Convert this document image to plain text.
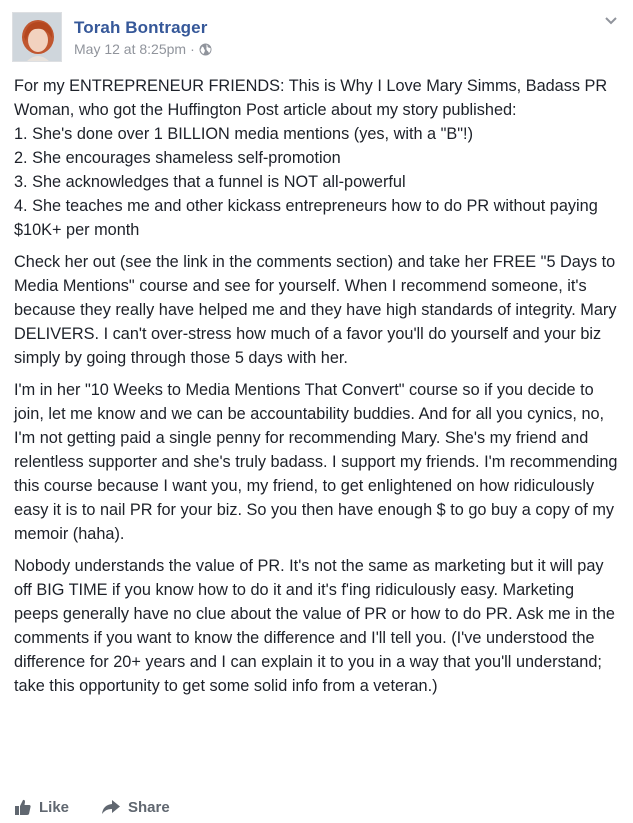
Torah Bontrager
May 12 at 8:25pm ·

For my ENTREPRENEUR FRIENDS: This is Why I Love Mary Simms, Badass PR Woman, who got the Huffington Post article about my story published:

1. She's done over 1 BILLION media mentions (yes, with a "B"!)

2. She encourages shameless self-promotion

3. She acknowledges that a funnel is NOT all-powerful

4. She teaches me and other kickass entrepreneurs how to do PR without paying $10K+ per month

Check her out (see the link in the comments section) and take her FREE "5 Days to Media Mentions" course and see for yourself. When I recommend someone, it's because they really have helped me and they have high standards of integrity. Mary DELIVERS. I can't over-stress how much of a favor you'll do yourself and your biz simply by going through those 5 days with her.

I'm in her "10 Weeks to Media Mentions That Convert" course so if you decide to join, let me know and we can be accountability buddies. And for all you cynics, no, I'm not getting paid a single penny for recommending Mary. She's my friend and relentless supporter and she's truly badass. I support my friends. I'm recommending this course because I want you, my friend, to get enlightened on how ridiculously easy it is to nail PR for your biz. So you then have enough $ to go buy a copy of my memoir (haha).

Nobody understands the value of PR. It's not the same as marketing but it will pay off BIG TIME if you know how to do it and it's f'ing ridiculously easy. Marketing peeps generally have no clue about the value of PR or how to do PR. Ask me in the comments if you want to know the difference and I'll tell you. (I've understood the difference for 20+ years and I can explain it to you in a way that you'll understand; take this opportunity to get some solid info from a veteran.)

Like	Share
